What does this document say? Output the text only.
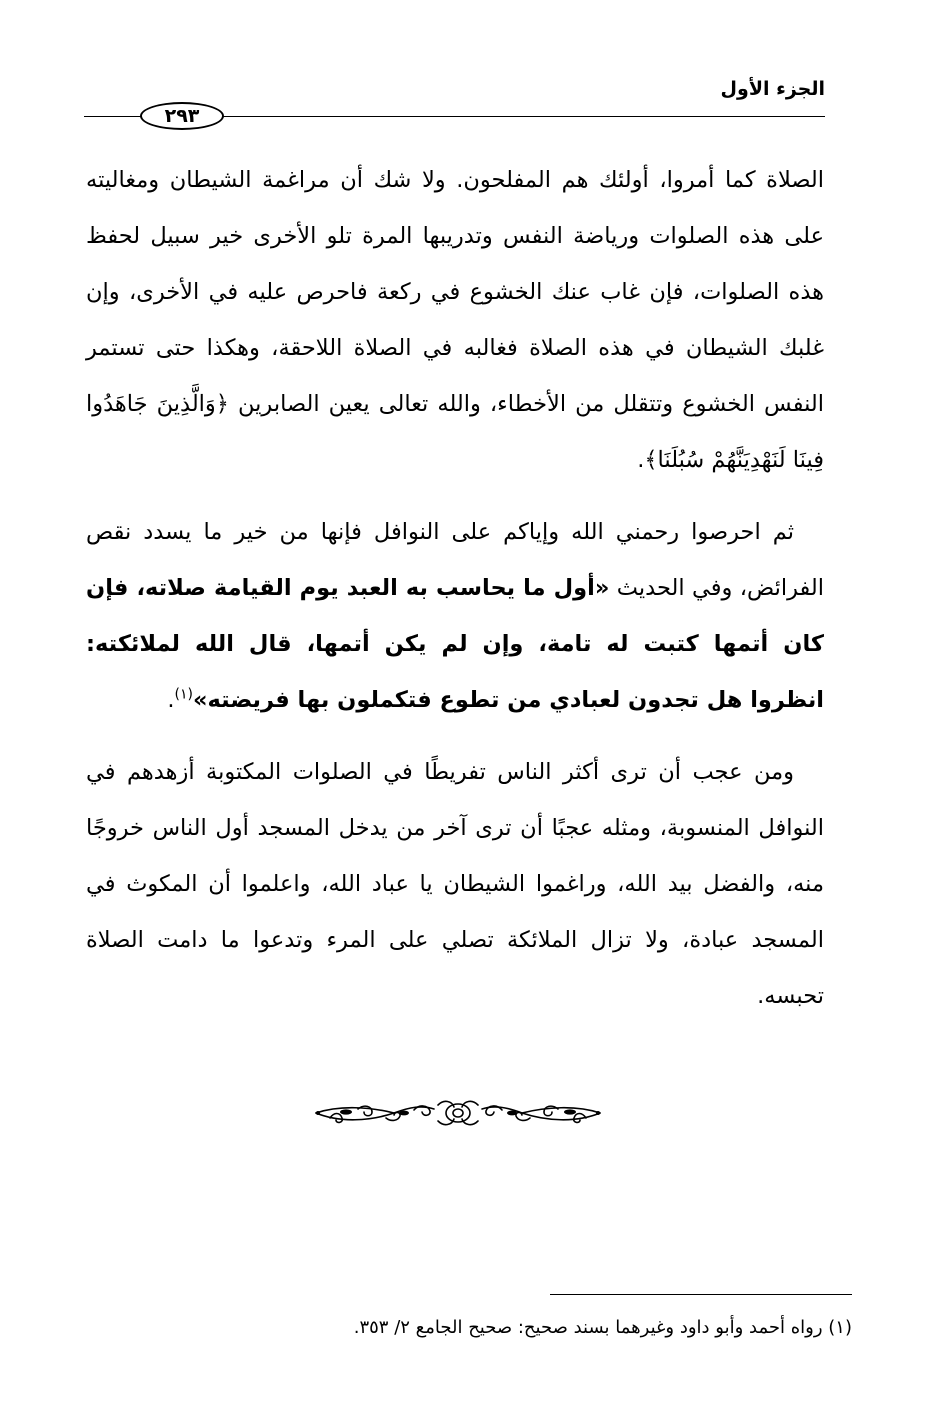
الجزء الأول
٢٩٣

الصلاة كما أمروا، أولئك هم المفلحون. ولا شك أن مراغمة الشيطان ومغاليته على هذه الصلوات ورياضة النفس وتدريبها المرة تلو الأخرى خير سبيل لحفظ هذه الصلوات، فإن غاب عنك الخشوع في ركعة فاحرص عليه في الأخرى، وإن غلبك الشيطان في هذه الصلاة فغالبه في الصلاة اللاحقة، وهكذا حتى تستمر النفس الخشوع وتتقلل من الأخطاء، والله تعالى يعين الصابرين ﴿وَالَّذِينَ جَاهَدُوا فِينَا لَنَهْدِيَنَّهُمْ سُبُلَنَا﴾.

ثم احرصوا رحمني الله وإياكم على النوافل فإنها من خير ما يسدد نقص الفرائض، وفي الحديث «أول ما يحاسب به العبد يوم القيامة صلاته، فإن كان أتمها كتبت له تامة، وإن لم يكن أتمها، قال الله لملائكته: انظروا هل تجدون لعبادي من تطوع فتكملون بها فريضته»$^{(١)}$.

ومن عجب أن ترى أكثر الناس تفريطًا في الصلوات المكتوبة أزهدهم في النوافل المنسوبة، ومثله عجبًا أن ترى آخر من يدخل المسجد أول الناس خروجًا منه، والفضل بيد الله، وراغموا الشيطان يا عباد الله، واعلموا أن المكوث في المسجد عبادة، ولا تزال الملائكة تصلي على المرء وتدعوا ما دامت الصلاة تحبسه.

(١) رواه أحمد وأبو داود وغيرهما بسند صحيح: صحيح الجامع ٢/ ٣٥٣.
